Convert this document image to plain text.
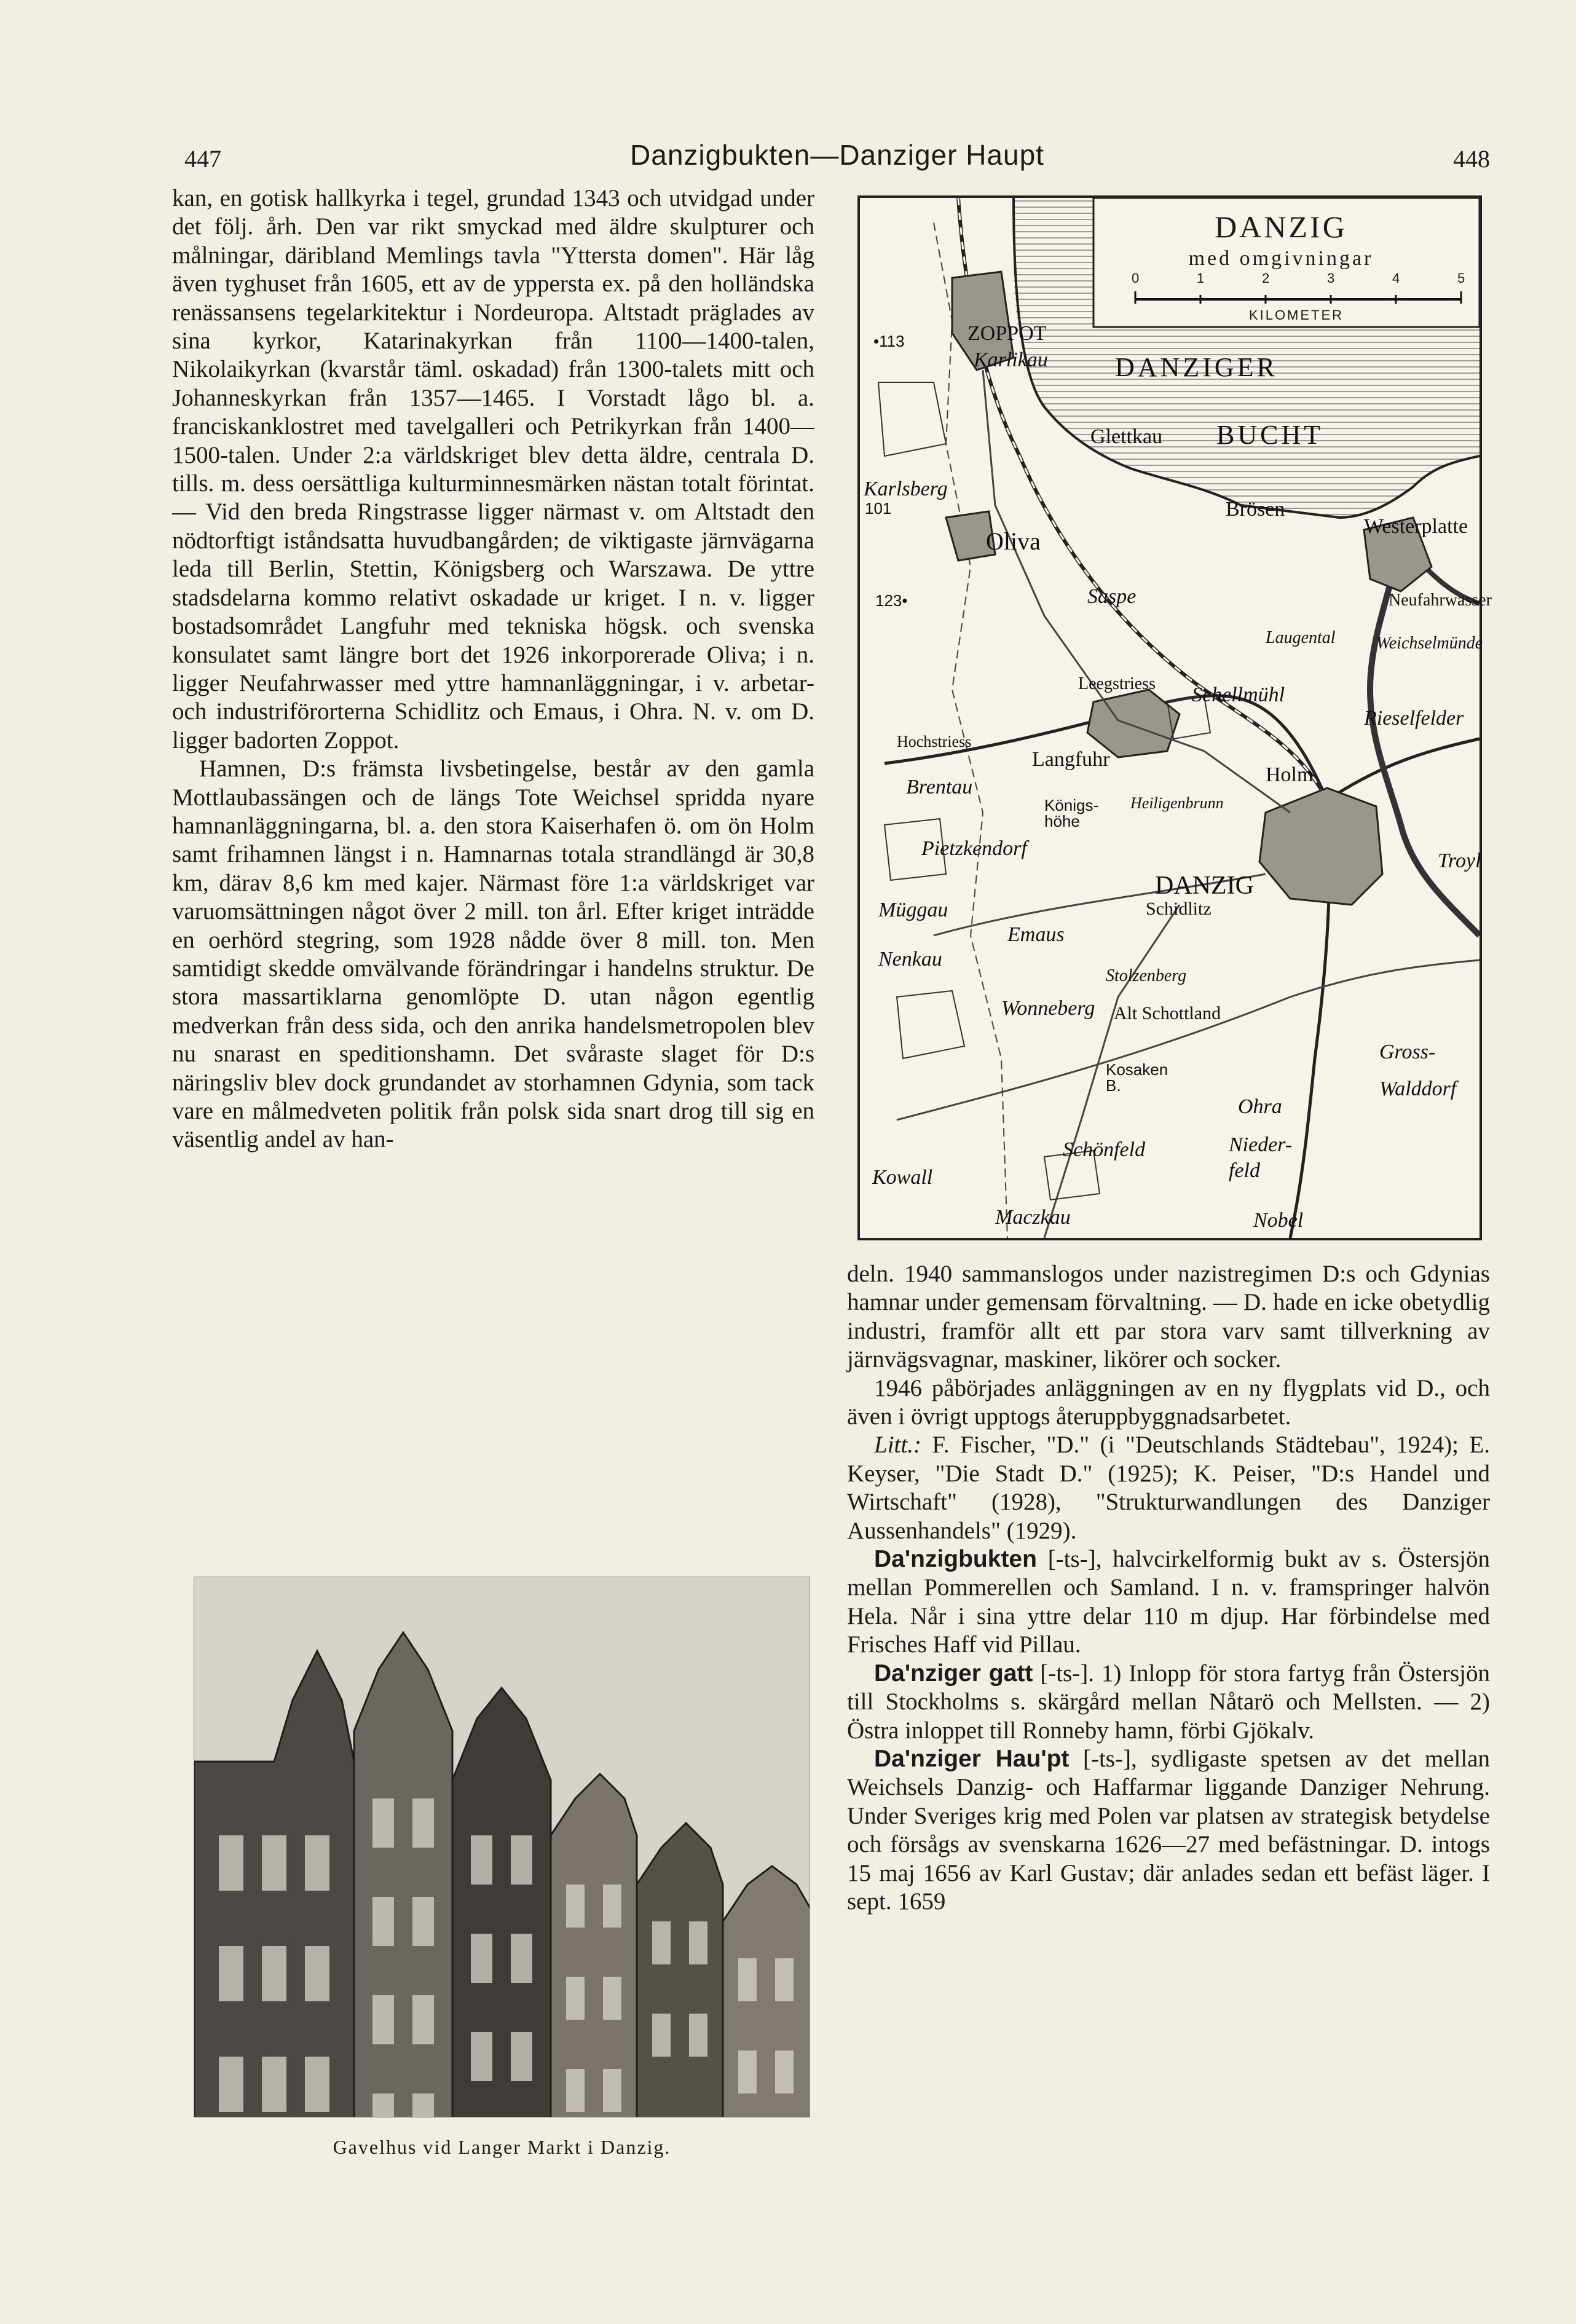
447	Danzigbukten—Danziger Haupt	448

kan, en gotisk hallkyrka i tegel, grundad 1343 och utvidgad under det följ. årh. Den var rikt smyckad med äldre skulpturer och målningar, däribland Memlings tavla "Yttersta domen". Här låg även tyghuset från 1605, ett av de yppersta ex. på den holländska renässansens tegelarkitektur i Nordeuropa. Altstadt präglades av sina kyrkor, Katarinakyrkan från 1100—1400-talen, Nikolaikyrkan (kvarstår täml. oskadad) från 1300-talets mitt och Johanneskyrkan från 1357—1465. I Vorstadt lågo bl. a. franciskanklostret med tavelgalleri och Petrikyrkan från 1400—1500-talen. Under 2:a världskriget blev detta äldre, centrala D. tills. m. dess oersättliga kulturminnesmärken nästan totalt förintat. — Vid den breda Ringstrasse ligger närmast v. om Altstadt den nödtorftigt iståndsatta huvudbangården; de viktigaste järnvägarna leda till Berlin, Stettin, Königsberg och Warszawa. De yttre stadsdelarna kommo relativt oskadade ur kriget. I n. v. ligger bostadsområdet Langfuhr med tekniska högsk. och svenska konsulatet samt längre bort det 1926 inkorporerade Oliva; i n. ligger Neufahrwasser med yttre hamnanläggningar, i v. arbetar- och industriförorterna Schidlitz och Emaus, i Ohra. N. v. om D. ligger badorten Zoppot.

Hamnen, D:s främsta livsbetingelse, består av den gamla Mottlaubassängen och de längs Tote Weichsel spridda nyare hamnanläggningarna, bl. a. den stora Kaiserhafen ö. om ön Holm samt frihamnen längst i n. Hamnarnas totala strandlängd är 30,8 km, därav 8,6 km med kajer. Närmast före 1:a världskriget var varuomsättningen något över 2 mill. ton årl. Efter kriget inträdde en oerhörd stegring, som 1928 nådde över 8 mill. ton. Men samtidigt skedde omvälvande förändringar i handelns struktur. De stora massartiklarna genomlöpte D. utan någon egentlig medverkan från dess sida, och den anrika handelsmetropolen blev nu snarast en speditionshamn. Det svåraste slaget för D:s näringsliv blev dock grundandet av storhamnen Gdynia, som tack vare en målmedveten politik från polsk sida snart drog till sig en väsentlig andel av han-

DANZIG
med omgivningar
0	1	2	3	4	5
KILOMETER
DANZIGER
BUCHT
ZOPPOT
Karlikau
Glettkau
Karlsberg
Oliva
Brösen
Westerplatte
Saspe	Neufahrwasser
Weichselmünde
Laugental
Leegstriess Schellmühl
Rieselfelder
Hochstriess
Langfuhr
Holm
Brentau
Königs-höhe
Heiligenbrunn
Pietzkendorf
DANZIG
Schidlitz
Troyl
Müggau
Emaus
Nenkau
Stolzenberg
Wonneberg	Alt Schottland
Kosaken B.
Gross-Walddorf
Ohra
Nieder-feld
Schönfeld
Kowall
Maczkau	Nobel
•113
101
123•

deln. 1940 sammanslogos under nazistregimen D:s och Gdynias hamnar under gemensam förvaltning. — D. hade en icke obetydlig industri, framför allt ett par stora varv samt tillverkning av järnvägsvagnar, maskiner, likörer och socker.

1946 påbörjades anläggningen av en ny flygplats vid D., och även i övrigt upptogs återuppbyggnadsarbetet.

Litt.: F. Fischer, "D." (i "Deutschlands Städtebau", 1924); E. Keyser, "Die Stadt D." (1925); K. Peiser, "D:s Handel und Wirtschaft" (1928), "Strukturwandlungen des Danziger Aussenhandels" (1929).

Da'nzigbukten [-ts-], halvcirkelformig bukt av s. Östersjön mellan Pommerellen och Samland. I n. v. framspringer halvön Hela. Når i sina yttre delar 110 m djup. Har förbindelse med Frisches Haff vid Pillau.

Da'nziger gatt [-ts-]. 1) Inlopp för stora fartyg från Östersjön till Stockholms s. skärgård mellan Nåtarö och Mellsten. — 2) Östra inloppet till Ronneby hamn, förbi Gjökalv.

Da'nziger Hau'pt [-ts-], sydligaste spetsen av det mellan Weichsels Danzig- och Haffarmar liggande Danziger Nehrung. Under Sveriges krig med Polen var platsen av strategisk betydelse och försågs av svenskarna 1626—27 med befästningar. D. intogs 15 maj 1656 av Karl Gustav; där anlades sedan ett befäst läger. I sept. 1659

Gavelhus vid Langer Markt i Danzig.
